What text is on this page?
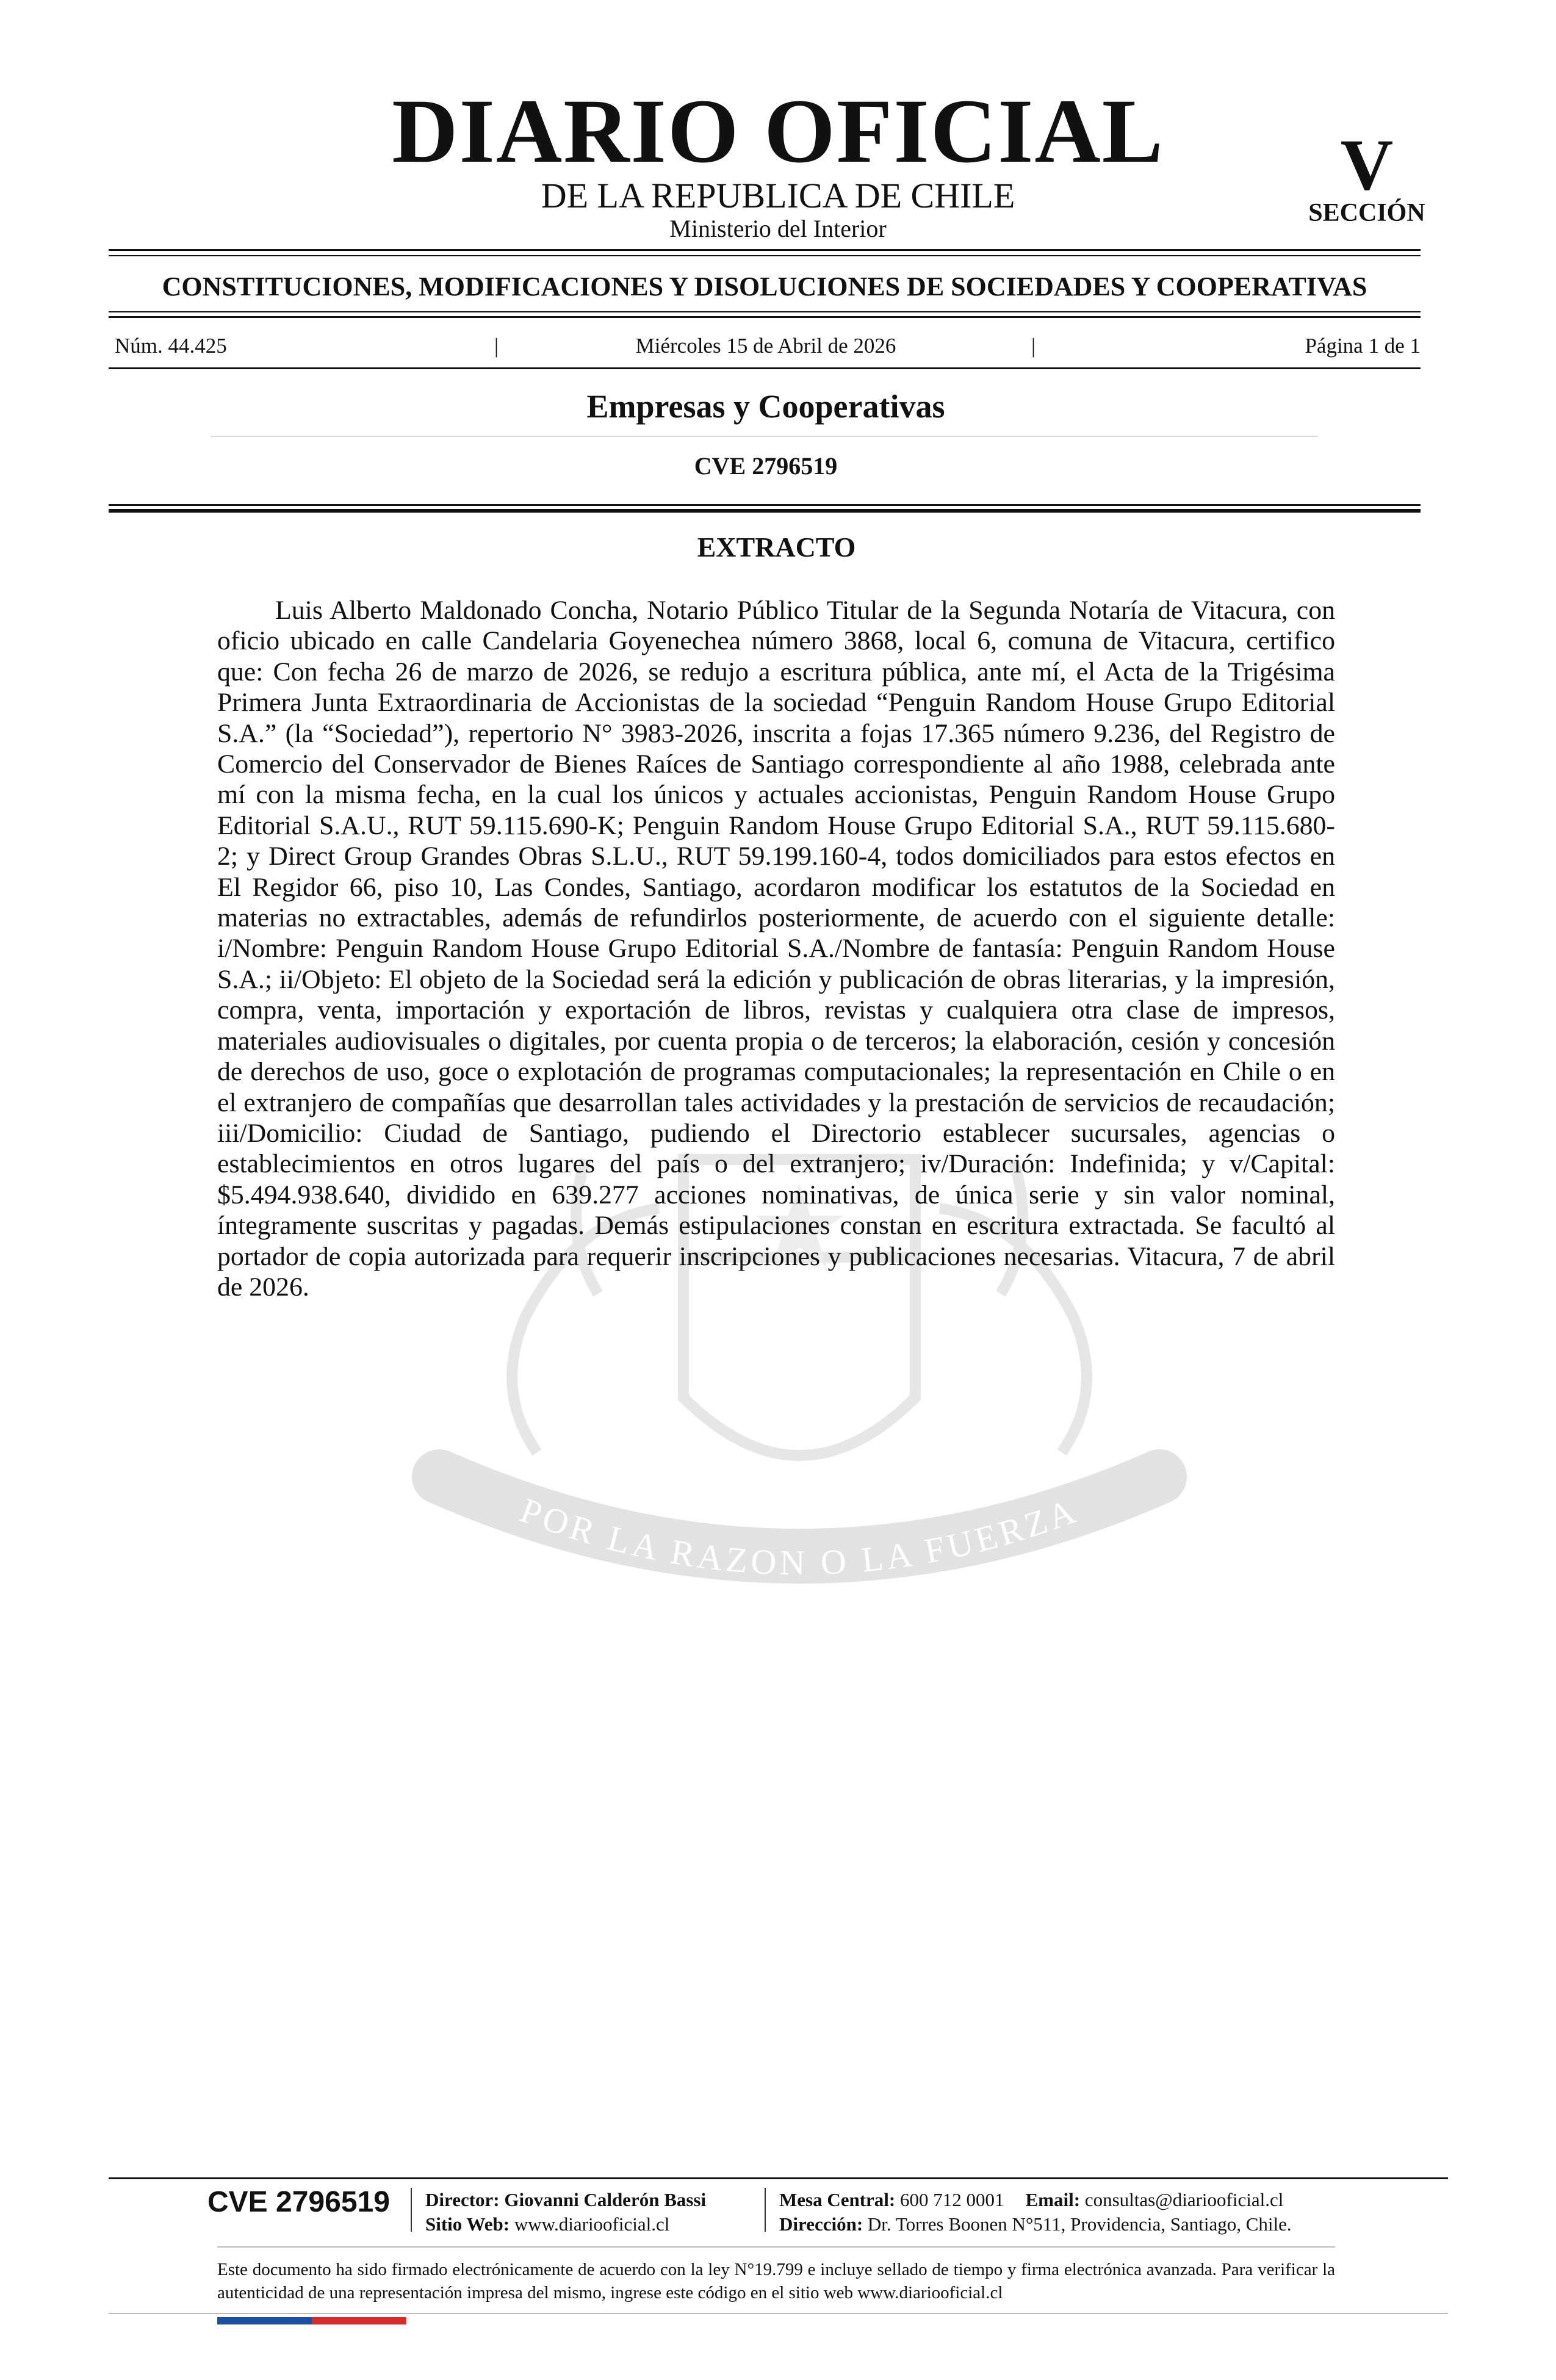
DIARIO OFICIAL
DE LA REPUBLICA DE CHILE
Ministerio del Interior
V
SECCIÓN
CONSTITUCIONES, MODIFICACIONES Y DISOLUCIONES DE SOCIEDADES Y COOPERATIVAS
Núm. 44.425	|	Miércoles 15 de Abril de 2026	|	Página 1 de 1
Empresas y Cooperativas
CVE 2796519
EXTRACTO
POR LA RAZON O LA FUERZA

Luis Alberto Maldonado Concha, Notario Público Titular de la Segunda Notaría de Vitacura, con oficio ubicado en calle Candelaria Goyenechea número 3868, local 6, comuna de Vitacura, certifico que: Con fecha 26 de marzo de 2026, se redujo a escritura pública, ante mí, el Acta de la Trigésima Primera Junta Extraordinaria de Accionistas de la sociedad “Penguin Random House Grupo Editorial S.A.” (la “Sociedad”), repertorio N° 3983-2026, inscrita a fojas 17.365 número 9.236, del Registro de Comercio del Conservador de Bienes Raíces de Santiago correspondiente al año 1988, celebrada ante mí con la misma fecha, en la cual los únicos y actuales accionistas, Penguin Random House Grupo Editorial S.A.U., RUT 59.115.690-K; Penguin Random House Grupo Editorial S.A., RUT 59.115.680-2; y Direct Group Grandes Obras S.L.U., RUT 59.199.160-4, todos domiciliados para estos efectos en El Regidor 66, piso 10, Las Condes, Santiago, acordaron modificar los estatutos de la Sociedad en materias no extractables, además de refundirlos posteriormente, de acuerdo con el siguiente detalle: i/Nombre: Penguin Random House Grupo Editorial S.A./Nombre de fantasía: Penguin Random House S.A.; ii/Objeto: El objeto de la Sociedad será la edición y publicación de obras literarias, y la impresión, compra, venta, importación y exportación de libros, revistas y cualquiera otra clase de impresos, materiales audiovisuales o digitales, por cuenta propia o de terceros; la elaboración, cesión y concesión de derechos de uso, goce o explotación de programas computacionales; la representación en Chile o en el extranjero de compañías que desarrollan tales actividades y la prestación de servicios de recaudación; iii/Domicilio: Ciudad de Santiago, pudiendo el Directorio establecer sucursales, agencias o establecimientos en otros lugares del país o del extranjero; iv/Duración: Indefinida; y v/Capital: $5.494.938.640, dividido en 639.277 acciones nominativas, de única serie y sin valor nominal, íntegramente suscritas y pagadas. Demás estipulaciones constan en escritura extractada. Se facultó al portador de copia autorizada para requerir inscripciones y publicaciones necesarias. Vitacura, 7 de abril de 2026.

CVE 2796519 Director: Giovanni Calderón Bassi
Sitio Web: www.diariooficial.cl
Mesa Central: 600 712 0001 Email: consultas@diariooficial.cl
Dirección: Dr. Torres Boonen N°511, Providencia, Santiago, Chile.
Este documento ha sido firmado electrónicamente de acuerdo con la ley N°19.799 e incluye sellado de tiempo y firma electrónica avanzada. Para verificar la autenticidad de una representación impresa del mismo, ingrese este código en el sitio web www.diariooficial.cl
